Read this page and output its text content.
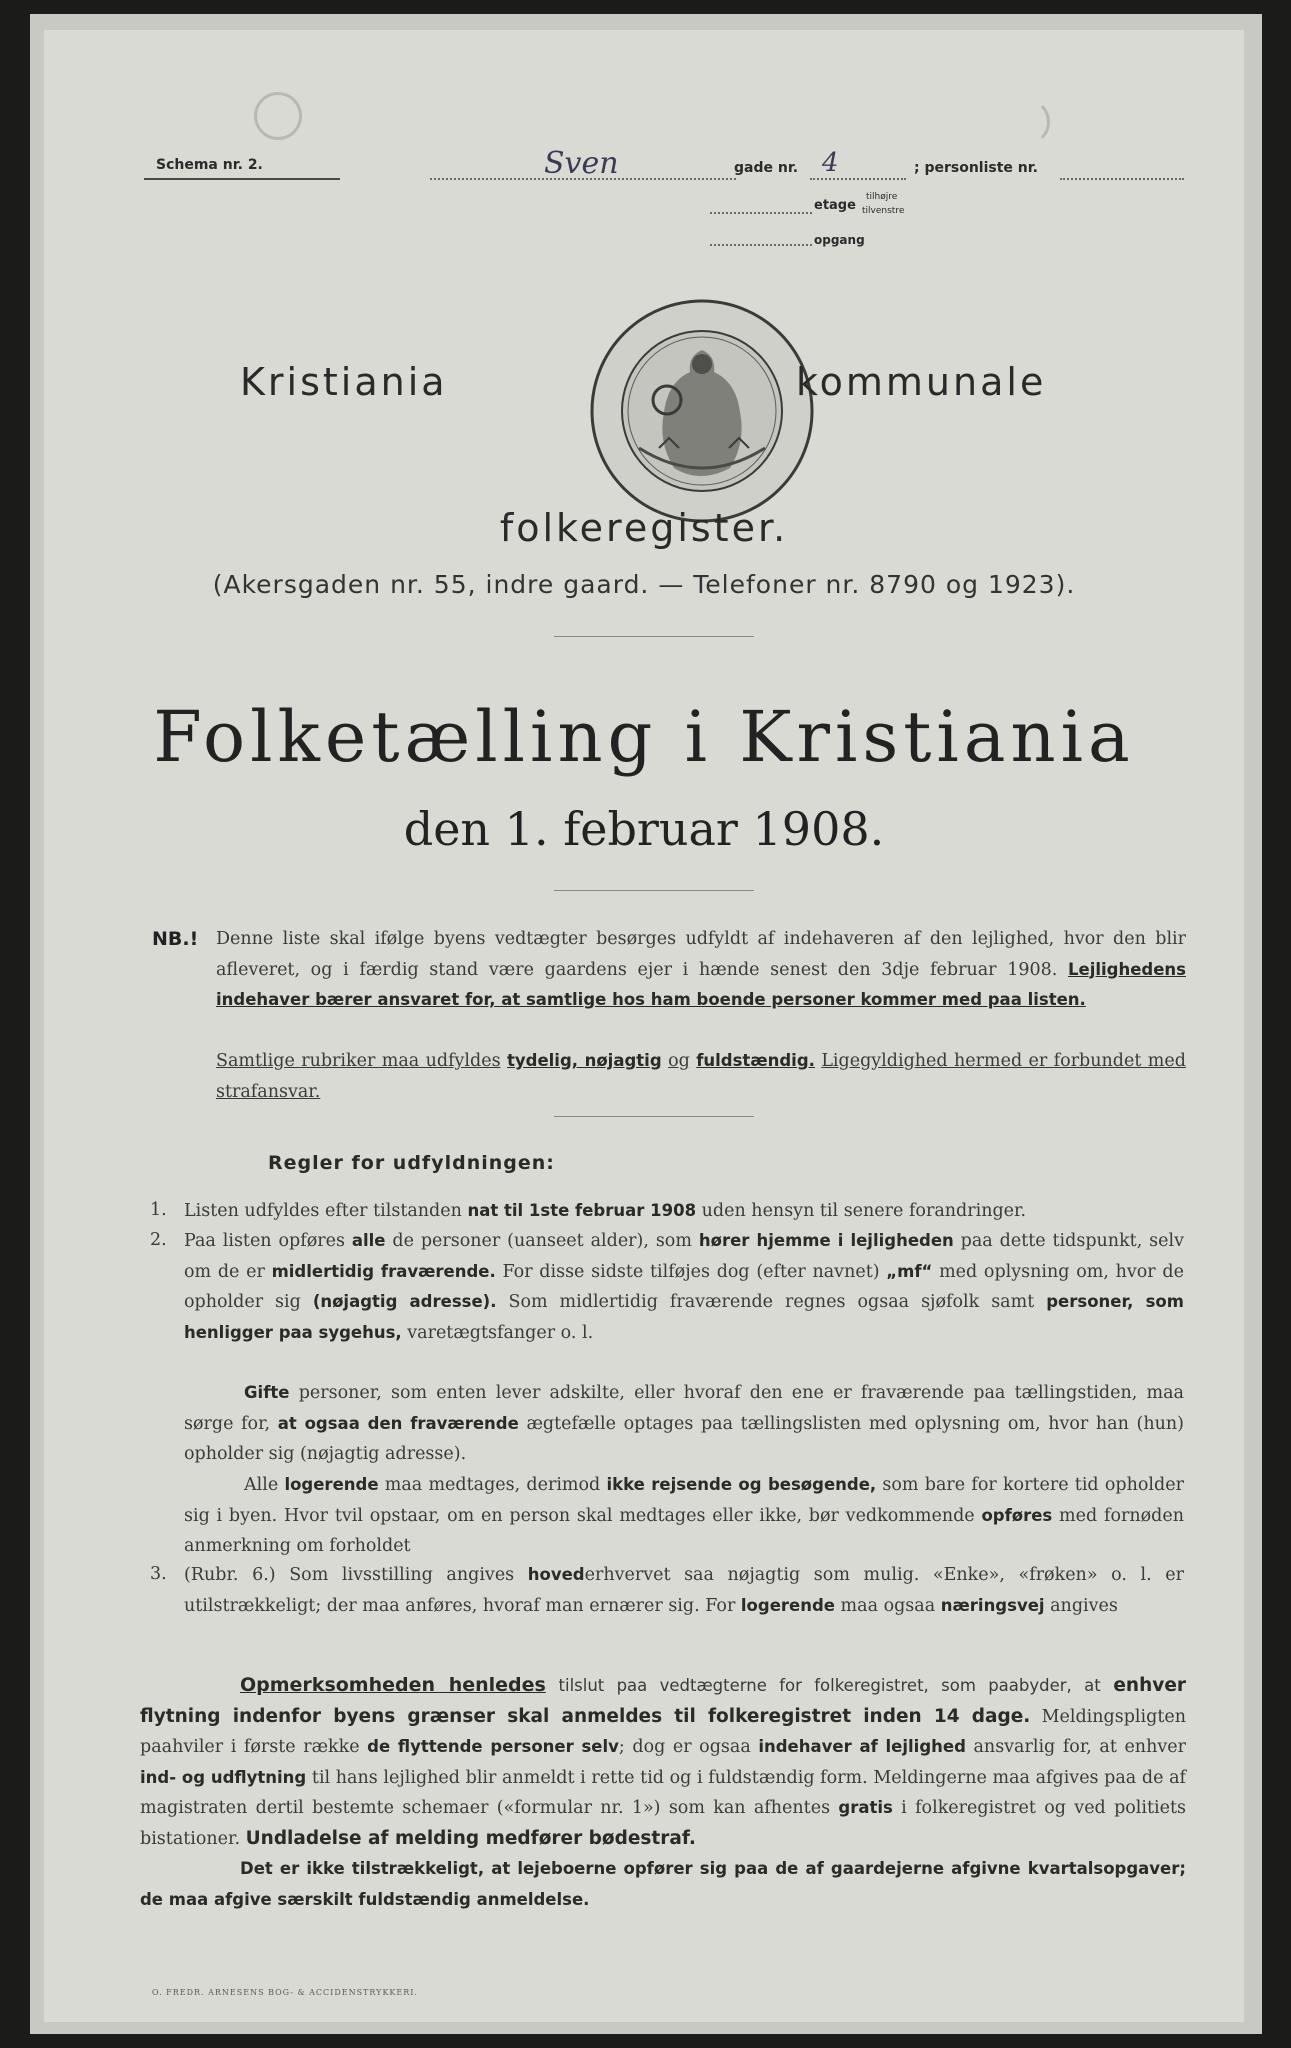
Schema nr. 2.	Sven	gade nr. 4	; personliste nr.
etage
tilhøjre
tilvenstre
opgang
Kristiania	kommunale
folkeregister.
(Akersgaden nr. 55, indre gaard. — Telefoner nr. 8790 og 1923).
Folketælling i Kristiania
den 1. februar 1908.
NB.! Denne liste skal ifølge byens vedtægter besørges udfyldt af indehaveren af den lejlighed, hvor den blir afleveret, og i færdig stand være gaardens ejer i hænde senest den 3dje februar 1908. Lejlighedens indehaver bærer ansvaret for, at samtlige hos ham boende personer kommer med paa listen.
Samtlige rubriker maa udfyldes tydelig, nøjagtig og fuldstændig. Ligegyldighed hermed er forbundet med strafansvar.
Regler for udfyldningen:
1. Listen udfyldes efter tilstanden nat til 1ste februar 1908 uden hensyn til senere forandringer.
2. Paa listen opføres alle de personer (uanseet alder), som hører hjemme i lejligheden paa dette tidspunkt, selv om de er midlertidig fraværende. For disse sidste tilføjes dog (efter navnet) „mf“ med oplysning om, hvor de opholder sig (nøjagtig adresse). Som midlertidig fraværende regnes ogsaa sjøfolk samt personer, som henligger paa sygehus, varetægtsfanger o. l.
Gifte personer, som enten lever adskilte, eller hvoraf den ene er fraværende paa tællingstiden, maa sørge for, at ogsaa den fraværende ægtefælle optages paa tællingslisten med oplysning om, hvor han (hun) opholder sig (nøjagtig adresse).
Alle logerende maa medtages, derimod ikke rejsende og besøgende, som bare for kortere tid opholder sig i byen. Hvor tvil opstaar, om en person skal medtages eller ikke, bør vedkommende opføres med fornøden anmerkning om forholdet
3. (Rubr. 6.) Som livsstilling angives hovederhvervet saa nøjagtig som mulig. «Enke», «frøken» o. l. er utilstrækkeligt; der maa anføres, hvoraf man ernærer sig. For logerende maa ogsaa næringsvej angives
Opmerksomheden henledes tilslut paa vedtægterne for folkeregistret, som paabyder, at enhver flytning indenfor byens grænser skal anmeldes til folkeregistret inden 14 dage. Meldingspligten paahviler i første række de flyttende personer selv; dog er ogsaa indehaver af lejlighed ansvarlig for, at enhver ind- og udflytning til hans lejlighed blir anmeldt i rette tid og i fuldstændig form. Meldingerne maa afgives paa de af magistraten dertil bestemte schemaer («formular nr. 1») som kan afhentes gratis i folkeregistret og ved politiets bistationer. Undladelse af melding medfører bødestraf.
Det er ikke tilstrækkeligt, at lejeboerne opfører sig paa de af gaardejerne afgivne kvartalsopgaver; de maa afgive særskilt fuldstændig anmeldelse.
O. FREDR. ARNESENS BOG- & ACCIDENSTRYKKERI.
